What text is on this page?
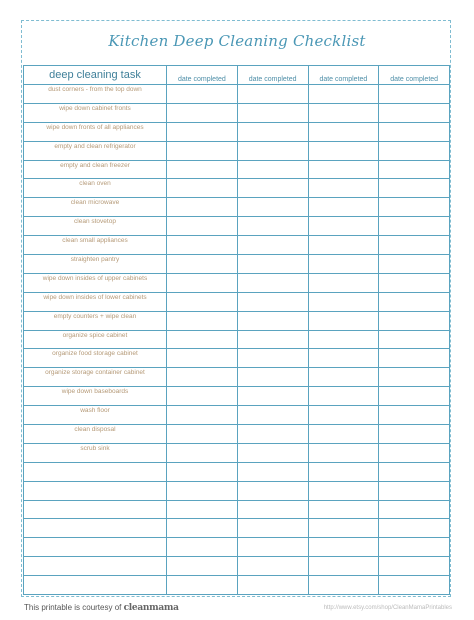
Kitchen Deep Cleaning Checklist
deep cleaning task	date completed	date completed	date completed	date completed
dust corners - from the top down				
wipe down cabinet fronts				
wipe down fronts of all appliances				
empty and clean refrigerator				
empty and clean freezer				
clean oven				
clean microwave				
clean stovetop				
clean small appliances				
straighten pantry				
wipe down insides of upper cabinets				
wipe down insides of lower cabinets				
empty counters + wipe clean				
organize spice cabinet				
organize food storage cabinet				
organize storage container cabinet				
wipe down baseboards				
wash floor				
clean disposal				
scrub sink				

This printable is courtesy of cleanmama	http://www.etsy.com/shop/CleanMamaPrintables
